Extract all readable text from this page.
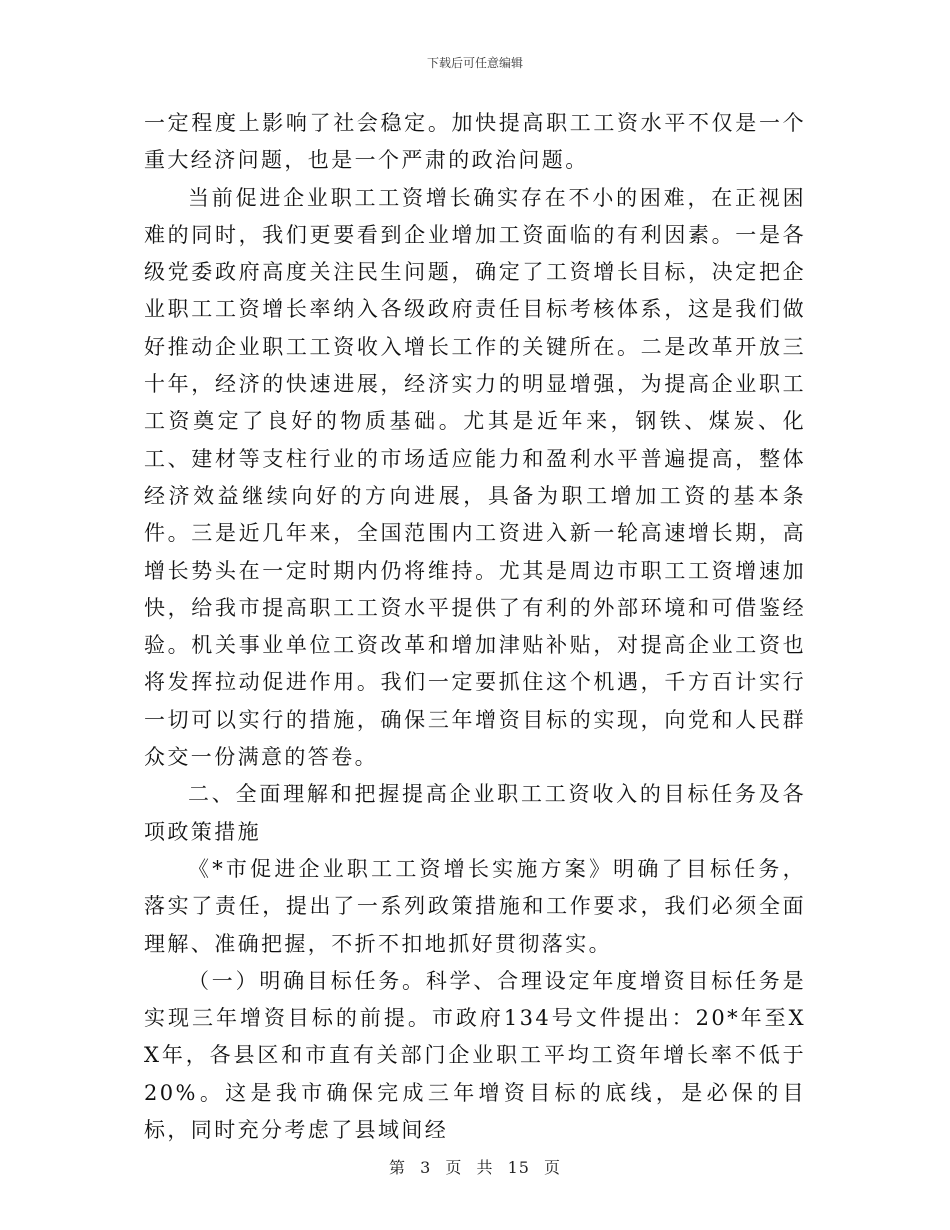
下载后可任意编辑

一定程度上影响了社会稳定。加快提高职工工资水平不仅是一个重大经济问题，也是一个严肃的政治问题。

当前促进企业职工工资增长确实存在不小的困难，在正视困难的同时，我们更要看到企业增加工资面临的有利因素。一是各级党委政府高度关注民生问题，确定了工资增长目标，决定把企业职工工资增长率纳入各级政府责任目标考核体系，这是我们做好推动企业职工工资收入增长工作的关键所在。二是改革开放三十年，经济的快速进展，经济实力的明显增强，为提高企业职工工资奠定了良好的物质基础。尤其是近年来，钢铁、煤炭、化工、建材等支柱行业的市场适应能力和盈利水平普遍提高，整体经济效益继续向好的方向进展，具备为职工增加工资的基本条件。三是近几年来，全国范围内工资进入新一轮高速增长期，高增长势头在一定时期内仍将维持。尤其是周边市职工工资增速加快，给我市提高职工工资水平提供了有利的外部环境和可借鉴经验。机关事业单位工资改革和增加津贴补贴，对提高企业工资也将发挥拉动促进作用。我们一定要抓住这个机遇，千方百计实行一切可以实行的措施，确保三年增资目标的实现，向党和人民群众交一份满意的答卷。

二、全面理解和把握提高企业职工工资收入的目标任务及各项政策措施

《*市促进企业职工工资增长实施方案》明确了目标任务，落实了责任，提出了一系列政策措施和工作要求，我们必须全面理解、准确把握，不折不扣地抓好贯彻落实。

（一）明确目标任务。科学、合理设定年度增资目标任务是实现三年增资目标的前提。市政府134号文件提出：20*年至XX年，各县区和市直有关部门企业职工平均工资年增长率不低于20%。这是我市确保完成三年增资目标的底线，是必保的目标，同时充分考虑了县域间经

第 3 页 共 15 页
